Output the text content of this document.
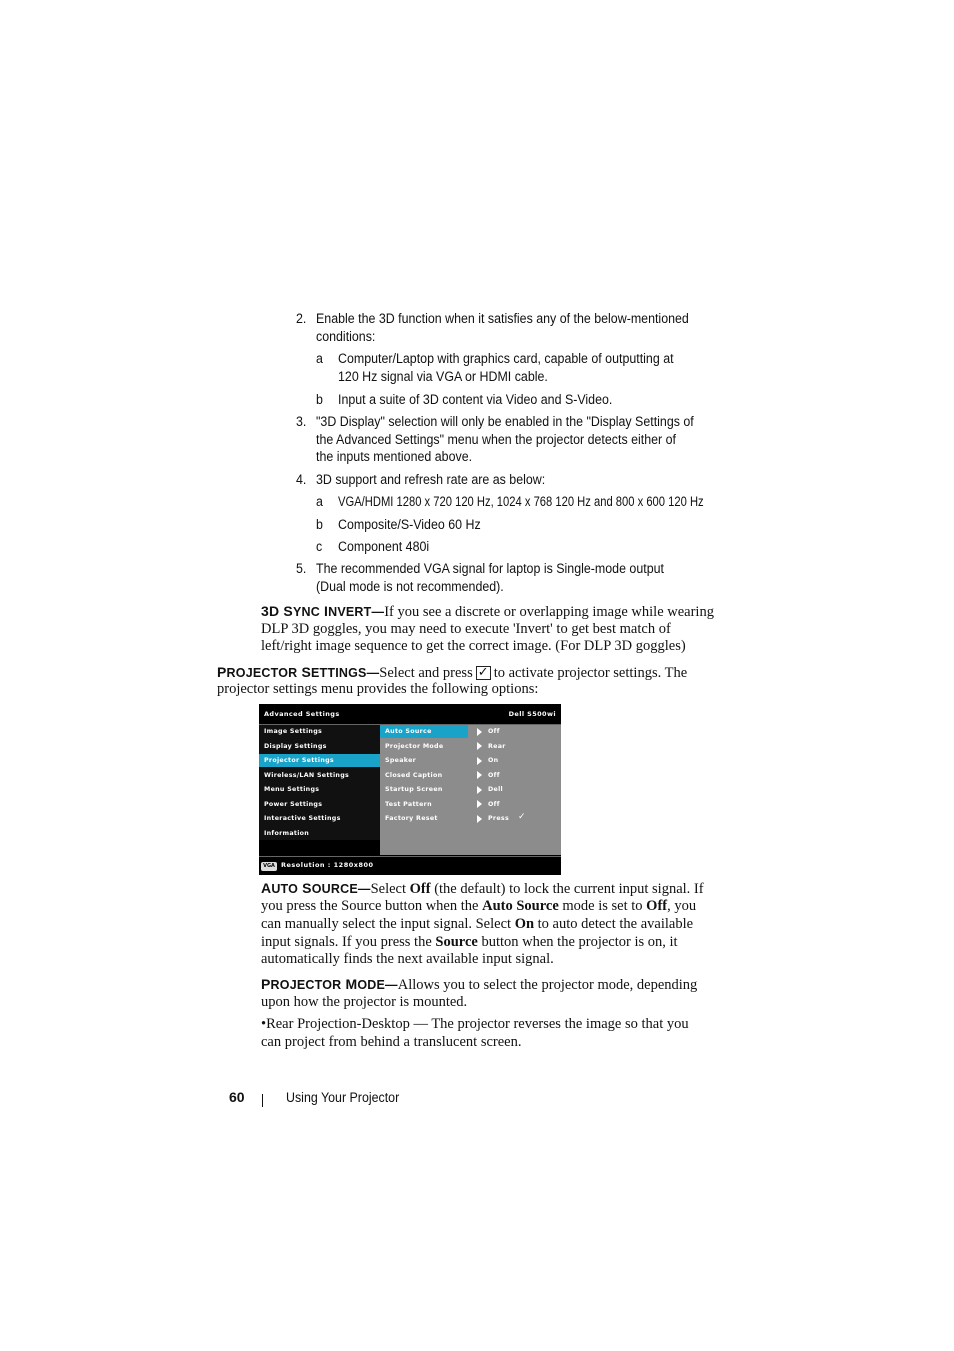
2. Enable the 3D function when it satisfies any of the below-mentioned
conditions:
a Computer/Laptop with graphics card, capable of outputting at
120 Hz signal via VGA or HDMI cable.
b Input a suite of 3D content via Video and S-Video.
3. "3D Display" selection will only be enabled in the "Display Settings of
the Advanced Settings" menu when the projector detects either of
the inputs mentioned above.
4. 3D support and refresh rate are as below:
a VGA/HDMI 1280 x 720 120 Hz, 1024 x 768 120 Hz and 800 x 600 120 Hz
b Composite/S-Video 60 Hz
c Component 480i
5. The recommended VGA signal for laptop is Single-mode output
(Dual mode is not recommended).
3D SYNC INVERT—If you see a discrete or overlapping image while wearing
DLP 3D goggles, you may need to execute 'Invert' to get best match of
left/right image sequence to get the correct image. (For DLP 3D goggles)
PROJECTOR SETTINGS—Select and press✓ to activate projector settings. The
projector settings menu provides the following options:
Advanced Settings	Dell S500wi
Image Settings
Display Settings
Projector Settings
Wireless/LAN Settings
Menu Settings
Power Settings
Interactive Settings
Information
Auto Source	Off
Projector Mode	Rear
Speaker	On
Closed Caption	Off
Startup Screen	Dell
Test Pattern	Off
Factory Reset	Press ✓
VGA Resolution : 1280x800
AUTO SOURCE—Select Off (the default) to lock the current input signal. If
you press the Source button when the Auto Source mode is set to Off, you
can manually select the input signal. Select On to auto detect the available
input signals. If you press the Source button when the projector is on, it
automatically finds the next available input signal.
PROJECTOR MODE—Allows you to select the projector mode, depending
upon how the projector is mounted.
•Rear Projection-Desktop — The projector reverses the image so that you
can project from behind a translucent screen.
60	Using Your Projector
